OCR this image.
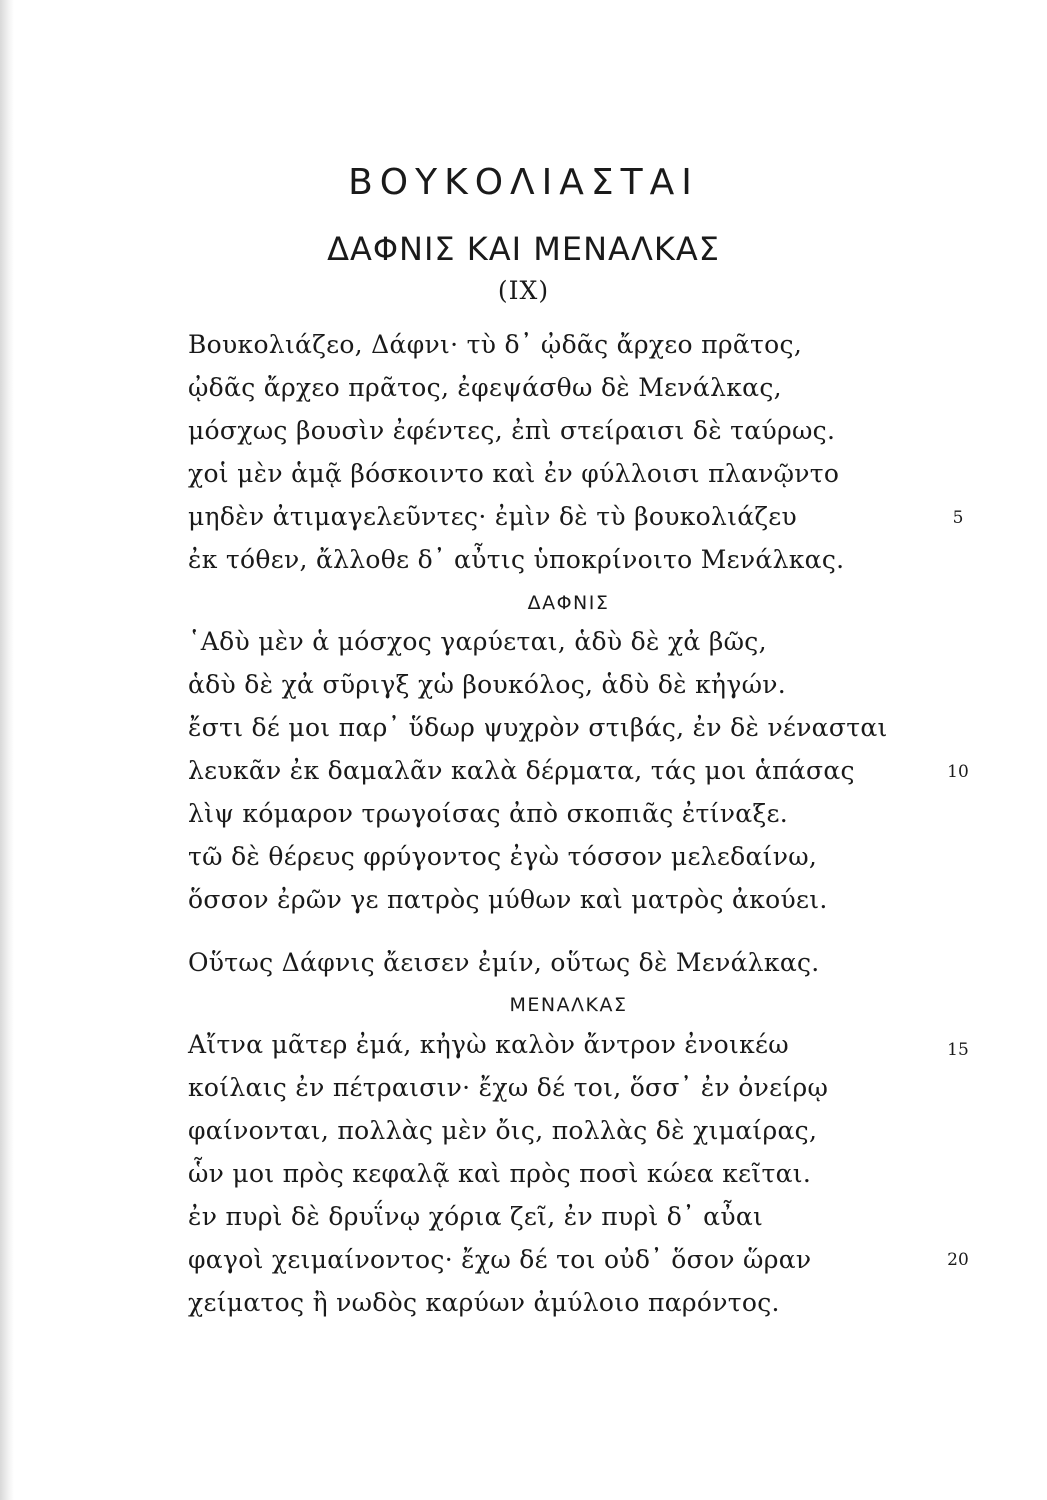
ΒΟΥΚΟΛΙΑΣΤΑΙ
ΔΑΦΝΙΣ ΚΑΙ ΜΕΝΑΛΚΑΣ
(IX)
Βουκολιάζεο, Δάφνι· τὺ δ᾽ ᾠδᾶς ἄρχεο πρᾶτος,
ᾠδᾶς ἄρχεο πρᾶτος, ἐφεψάσθω δὲ Μενάλκας,
μόσχως βουσὶν ἐφέντες, ἐπὶ στείραισι δὲ ταύρως.
χοἱ μὲν ἁμᾷ βόσκοιντο καὶ ἐν φύλλοισι πλανῷντο
μηδὲν ἀτιμαγελεῦντες· ἐμὶν δὲ τὺ βουκολιάζευ	5
ἐκ τόθεν, ἄλλοθε δ᾽ αὖτις ὑποκρίνοιτο Μενάλκας.
ΔΑΦΝΙΣ
῾Αδὺ μὲν ἁ μόσχος γαρύεται, ἁδὺ δὲ χἀ βῶς,
ἁδὺ δὲ χἀ σῦριγξ χὡ βουκόλος, ἁδὺ δὲ κἠγών.
ἔστι δέ μοι παρ᾽ ὕδωρ ψυχρὸν στιβάς, ἐν δὲ νένασται
λευκᾶν ἐκ δαμαλᾶν καλὰ δέρματα, τάς μοι ἁπάσας	10
λὶψ κόμαρον τρωγοίσας ἀπὸ σκοπιᾶς ἐτίναξε.
τῶ δὲ θέρευς φρύγοντος ἐγὼ τόσσον μελεδαίνω,
ὅσσον ἐρῶν γε πατρὸς μύθων καὶ ματρὸς ἀκούει.
Οὕτως Δάφνις ἄεισεν ἐμίν, οὕτως δὲ Μενάλκας.
ΜΕΝΑΛΚΑΣ
Αἴτνα μᾶτερ ἐμά, κἠγὼ καλὸν ἄντρον ἐνοικέω	15
κοίλαις ἐν πέτραισιν· ἔχω δέ τοι, ὅσσ᾽ ἐν ὀνείρῳ
φαίνονται, πολλὰς μὲν ὄις, πολλὰς δὲ χιμαίρας,
ὧν μοι πρὸς κεφαλᾷ καὶ πρὸς ποσὶ κώεα κεῖται.
ἐν πυρὶ δὲ δρυΐνῳ χόρια ζεῖ, ἐν πυρὶ δ᾽ αὖαι
φαγοὶ χειμαίνοντος· ἔχω δέ τοι οὐδ᾽ ὅσον ὥραν	20
χείματος ἢ νωδὸς καρύων ἀμύλοιο παρόντος.
